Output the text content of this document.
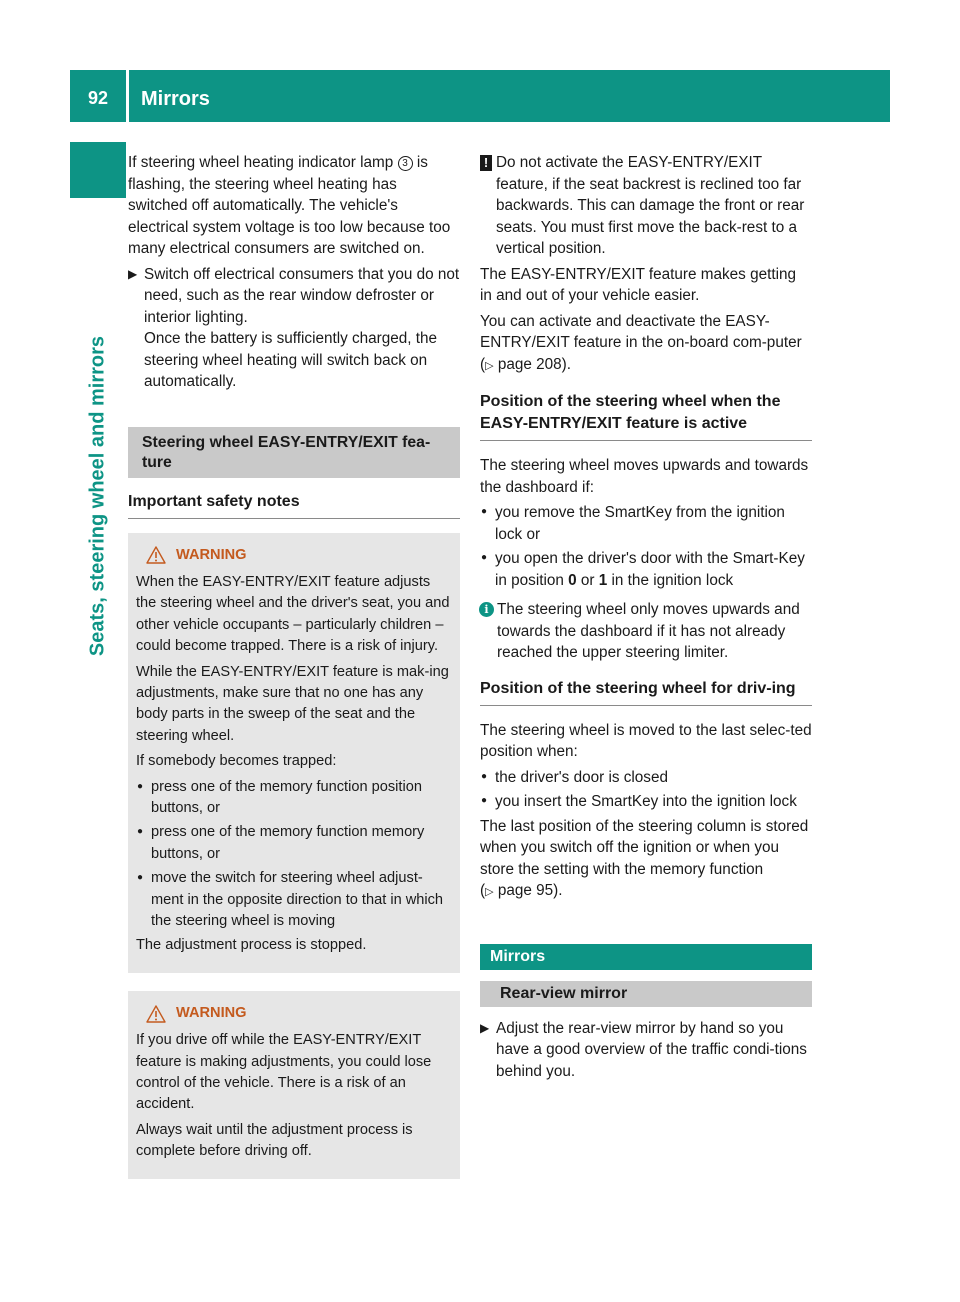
92	Mirrors
Seats, steering wheel and mirrors

If steering wheel heating indicator lamp 3 is flashing, the steering wheel heating has switched off automatically. The vehicle's electrical system voltage is too low because too many electrical consumers are switched on.

▶ Switch off electrical consumers that you do not need, such as the rear window defroster or interior lighting.
Once the battery is sufficiently charged, the steering wheel heating will switch back on automatically.
Steering wheel EASY-ENTRY/EXIT fea-ture
Important safety notes
WARNING

When the EASY-ENTRY/EXIT feature adjusts the steering wheel and the driver's seat, you and other vehicle occupants – particularly children – could become trapped. There is a risk of injury.

While the EASY-ENTRY/EXIT feature is mak-ing adjustments, make sure that no one has any body parts in the sweep of the seat and the steering wheel.

If somebody becomes trapped:

● press one of the memory function position buttons, or
● press one of the memory function memory buttons, or
● move the switch for steering wheel adjust-ment in the opposite direction to that in which the steering wheel is moving

The adjustment process is stopped.

WARNING

If you drive off while the EASY-ENTRY/EXIT feature is making adjustments, you could lose control of the vehicle. There is a risk of an accident.

Always wait until the adjustment process is complete before driving off.

! Do not activate the EASY-ENTRY/EXIT feature, if the seat backrest is reclined too far backwards. This can damage the front or rear seats. You must first move the back-rest to a vertical position.

The EASY-ENTRY/EXIT feature makes getting in and out of your vehicle easier.

You can activate and deactivate the EASY-ENTRY/EXIT feature in the on-board com-puter (▷ page 208).

Position of the steering wheel when the EASY-ENTRY/EXIT feature is active

The steering wheel moves upwards and towards the dashboard if:

● you remove the SmartKey from the ignition lock or
● you open the driver's door with the Smart-Key in position 0 or 1 in the ignition lock
i The steering wheel only moves upwards and towards the dashboard if it has not already reached the upper steering limiter.
Position of the steering wheel for driv-ing

The steering wheel is moved to the last selec-ted position when:

● the driver's door is closed
● you insert the SmartKey into the ignition lock

The last position of the steering column is stored when you switch off the ignition or when you store the setting with the memory function (▷ page 95).

Mirrors
Rear-view mirror
▶ Adjust the rear-view mirror by hand so you have a good overview of the traffic condi-tions behind you.
